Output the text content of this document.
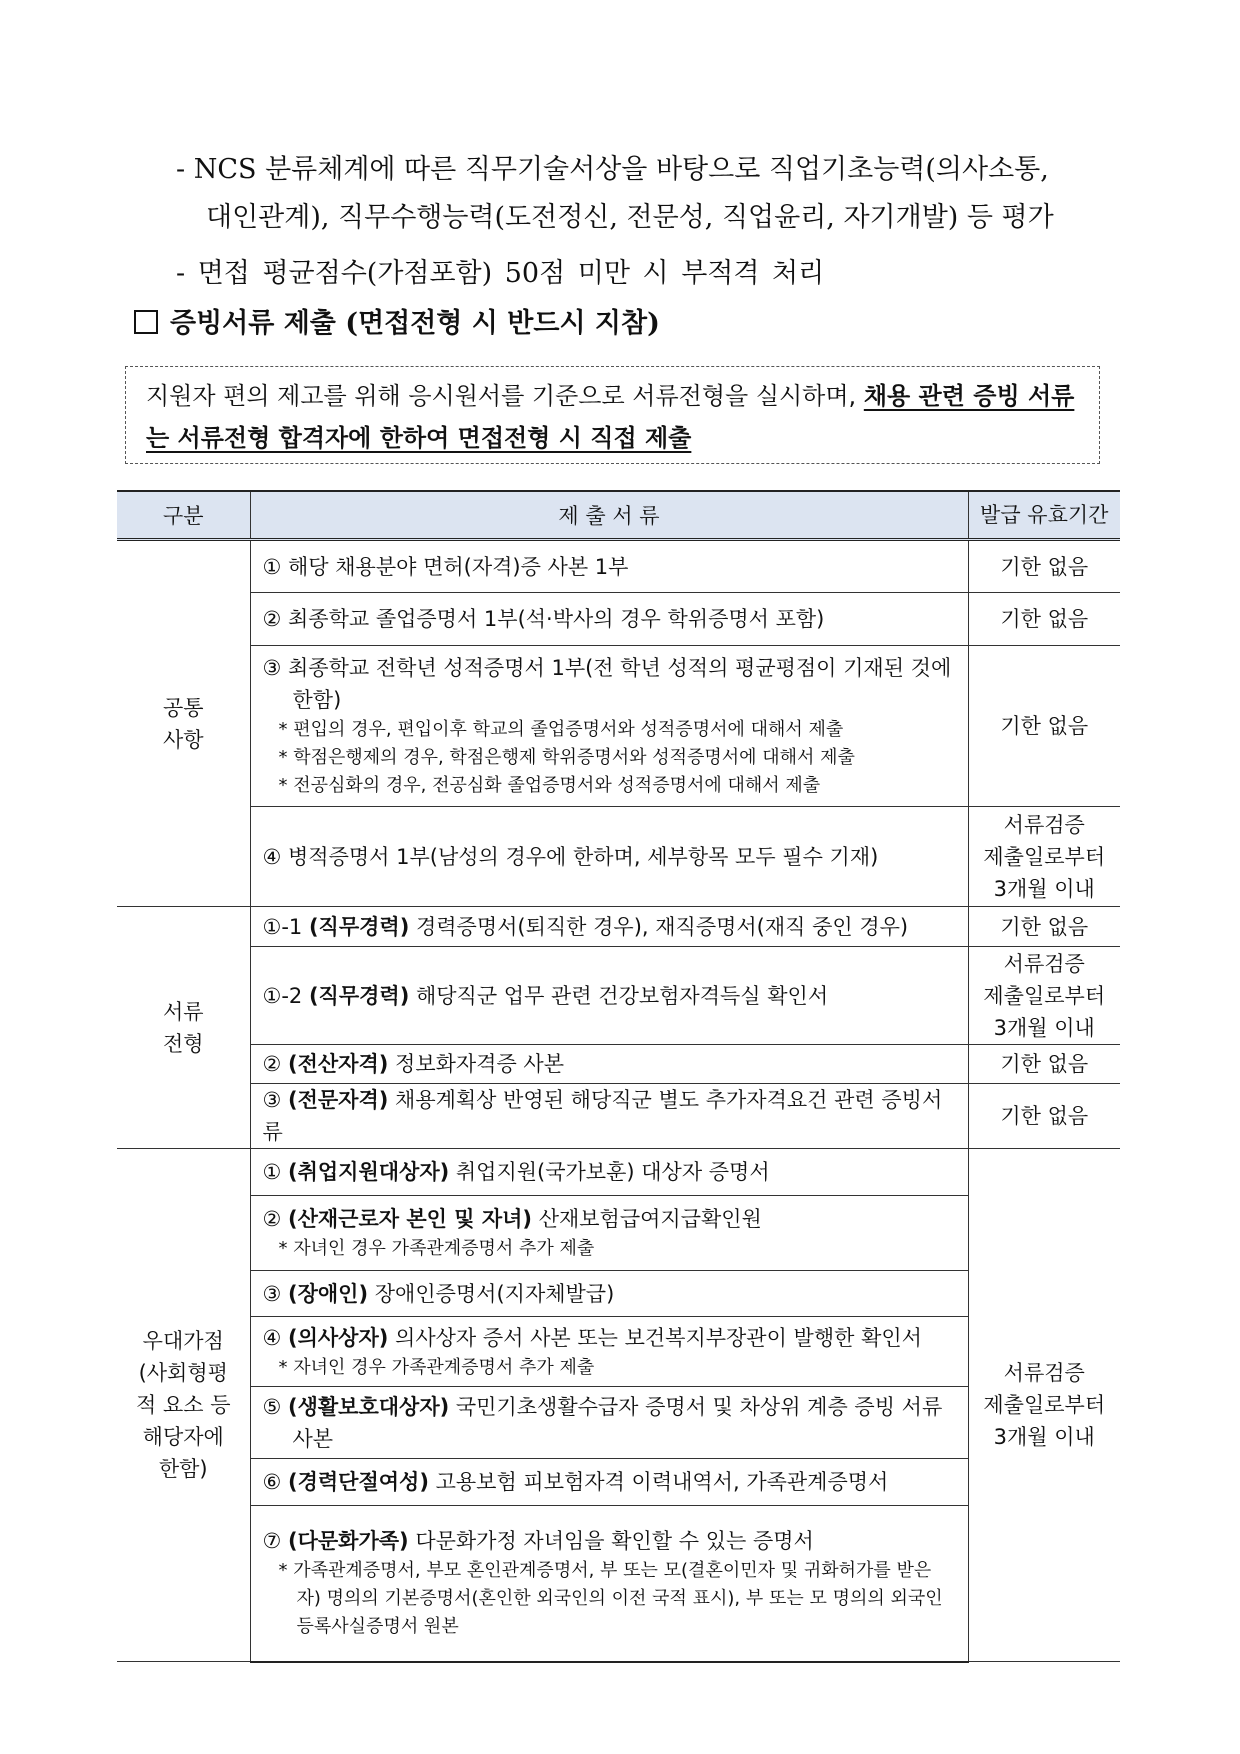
- NCS 분류체계에 따른 직무기술서상을 바탕으로 직업기초능력(의사소통,
대인관계), 직무수행능력(도전정신, 전문성, 직업윤리, 자기개발) 등 평가
- 면접 평균점수(가점포함) 50점 미만 시 부적격 처리
증빙서류 제출 (면접전형 시 반드시 지참)
지원자 편의 제고를 위해 응시원서를 기준으로 서류전형을 실시하며, 채용 관련 증빙 서류는 서류전형 합격자에 한하여 면접전형 시 직접 제출
구분	제 출 서 류	발급 유효기간
공통
사항	① 해당 채용분야 면허(자격)증 사본 1부	기한 없음
	② 최종학교 졸업증명서 1부(석·박사의 경우 학위증명서 포함)	기한 없음

	③ 최종학교 전학년 성적증명서 1부(전 학년 성적의 평균평점이 기재된 것에 한함)
* 편입의 경우, 편입이후 학교의 졸업증명서와 성적증명서에 대해서 제출
* 학점은행제의 경우, 학점은행제 학위증명서와 성적증명서에 대해서 제출
* 전공심화의 경우, 전공심화 졸업증명서와 성적증명서에 대해서 제출	기한 없음
	④ 병적증명서 1부(남성의 경우에 한하며, 세부항목 모두 필수 기재)	서류검증
제출일로부터
3개월 이내
서류
전형	①-1 (직무경력) 경력증명서(퇴직한 경우), 재직증명서(재직 중인 경우)	기한 없음
	①-2 (직무경력) 해당직군 업무 관련 건강보험자격득실 확인서	서류검증
제출일로부터
3개월 이내
	② (전산자격) 정보화자격증 사본	기한 없음
	③ (전문자격) 채용계획상 반영된 해당직군 별도 추가자격요건 관련 증빙서류	기한 없음
우대가점
(사회형평
적 요소 등
해당자에
한함)	① (취업지원대상자) 취업지원(국가보훈) 대상자 증명서	서류검증
제출일로부터
3개월 이내

	② (산재근로자 본인 및 자녀) 산재보험급여지급확인원
* 자녀인 경우 가족관계증명서 추가 제출	

	③ (장애인) 장애인증명서(지자체발급)	

	④ (의사상자) 의사상자 증서 사본 또는 보건복지부장관이 발행한 확인서
* 자녀인 경우 가족관계증명서 추가 제출	

	⑤ (생활보호대상자) 국민기초생활수급자 증명서 및 차상위 계층 증빙 서류 사본	

	⑥ (경력단절여성) 고용보험 피보험자격 이력내역서, 가족관계증명서	

	⑦ (다문화가족) 다문화가정 자녀임을 확인할 수 있는 증명서
* 가족관계증명서, 부모 혼인관계증명서, 부 또는 모(결혼이민자 및 귀화허가를 받은 자) 명의의 기본증명서(혼인한 외국인의 이전 국적 표시), 부 또는 모 명의의 외국인 등록사실증명서 원본	
